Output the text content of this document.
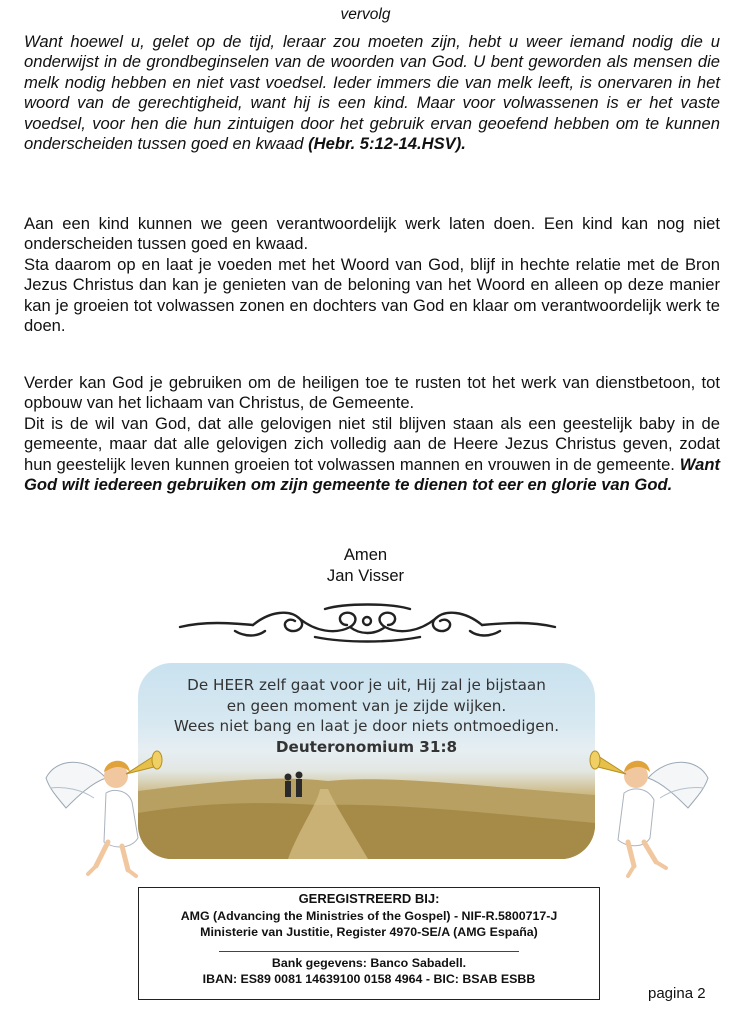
vervolg

Want hoewel u, gelet op de tijd, leraar zou moeten zijn, hebt u weer iemand nodig die u onderwijst in de grondbeginselen van de woorden van God. U bent geworden als mensen die melk nodig hebben en niet vast voedsel. Ieder immers die van melk leeft, is onervaren in het woord van de gerechtigheid, want hij is een kind. Maar voor volwassenen is er het vaste voedsel, voor hen die hun zintuigen door het gebruik ervan geoefend hebben om te kunnen onderscheiden tussen goed en kwaad (Hebr. 5:12-14.HSV).

Aan een kind kunnen we geen verantwoordelijk werk laten doen. Een kind kan nog niet onderscheiden tussen goed en kwaad.

Sta daarom op en laat je voeden met het Woord van God, blijf in hechte relatie met de Bron Jezus Christus dan kan je genieten van de beloning van het Woord en alleen op deze manier kan je groeien tot volwassen zonen en dochters van God en klaar om verantwoordelijk werk te doen.

Verder kan God je gebruiken om de heiligen toe te rusten tot het werk van dienstbetoon, tot opbouw van het lichaam van Christus, de Gemeente.

Dit is de wil van God, dat alle gelovigen niet stil blijven staan als een geestelijk baby in de gemeente, maar dat alle gelovigen zich volledig aan de Heere Jezus Christus geven, zodat hun geestelijk leven kunnen groeien tot volwassen mannen en vrouwen in de gemeente. Want God wilt iedereen gebruiken om zijn gemeente te dienen tot eer en glorie van God.

Amen
Jan Visser
De HEER zelf gaat voor je uit, Hij zal je bijstaan
en geen moment van je zijde wijken.
Wees niet bang en laat je door niets ontmoedigen.
Deuteronomium 31:8
GEREGISTREERD BIJ:
AMG (Advancing the Ministries of the Gospel) - NIF-R.5800717-J
Ministerie van Justitie, Register 4970-SE/A (AMG España)
Bank gegevens: Banco Sabadell.
IBAN: ES89 0081 14639100 0158 4964 - BIC: BSAB ESBB
pagina 2
